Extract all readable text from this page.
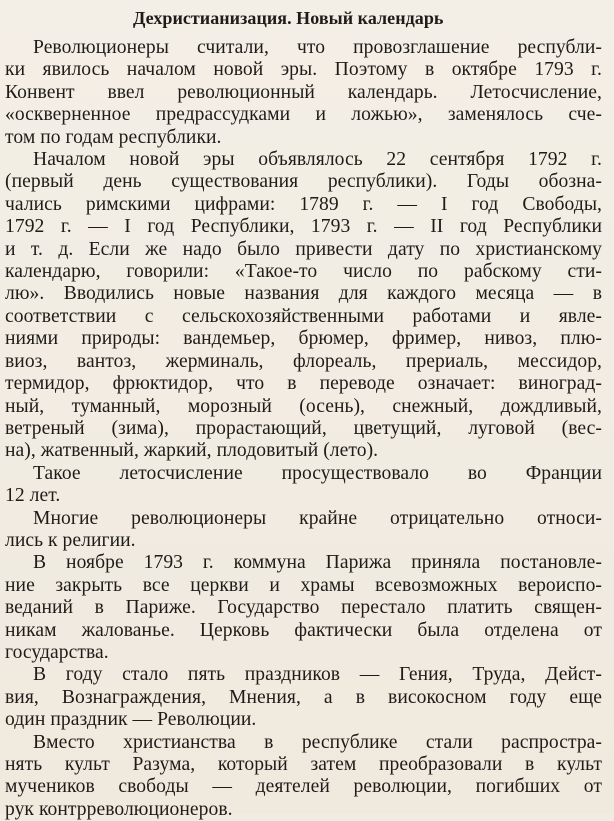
Дехристианизация. Новый календарь

Революционеры считали, что провозглашение республи-
ки явилось началом новой эры. Поэтому в октябре 1793 г.
Конвент ввел революционный календарь. Летосчисление,
«оскверненное предрассудками и ложью», заменялось сче-
том по годам республики.

Началом новой эры объявлялось 22 сентября 1792 г.
(первый день существования республики). Годы обозна-
чались римскими цифрами: 1789 г. — I год Свободы,
1792 г. — I год Республики, 1793 г. — II год Республики
и т. д. Если же надо было привести дату по христианскому
календарю, говорили: «Такое-то число по рабскому сти-
лю». Вводились новые названия для каждого месяца — в
соответствии с сельскохозяйственными работами и явле-
ниями природы: вандемьер, брюмер, фример, нивоз, плю-
виоз, вантоз, жерминаль, флореаль, прериаль, мессидор,
термидор, фрюктидор, что в переводе означает: виноград-
ный, туманный, морозный (осень), снежный, дождливый,
ветреный (зима), прорастающий, цветущий, луговой (вес-
на), жатвенный, жаркий, плодовитый (лето).

Такое летосчисление просуществовало во Франции
12 лет.

Многие революционеры крайне отрицательно относи-
лись к религии.

В ноябре 1793 г. коммуна Парижа приняла постановле-
ние закрыть все церкви и храмы всевозможных вероиспо-
веданий в Париже. Государство перестало платить священ-
никам жалованье. Церковь фактически была отделена от
государства.

В году стало пять праздников — Гения, Труда, Дейст-
вия, Вознаграждения, Мнения, а в високосном году еще
один праздник — Революции.

Вместо христианства в республике стали распростра-
нять культ Разума, который затем преобразовали в культ
мучеников свободы — деятелей революции, погибших от
рук контрреволюционеров.
